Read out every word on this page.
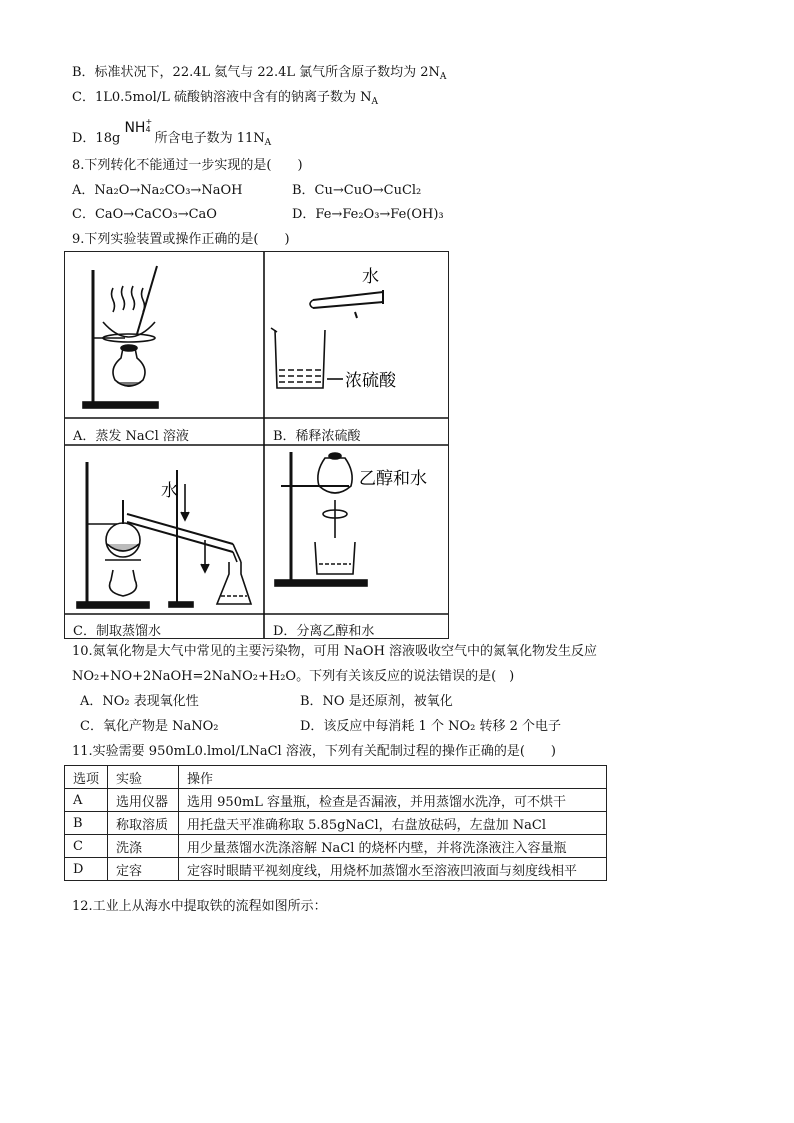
B．标准状况下，22.4L 氦气与 22.4L 氯气所含原子数均为 $2N_A$
C．1L0.5mol/L 硫酸钠溶液中含有的钠离子数为 $N_A$
D．18g NH +
4
所含电子数为 $11N_A$
8.下列转化不能通过一步实现的是(　　)
A．Na₂O→Na₂CO₃→NaOH	B．Cu→CuO→CuCl₂
C．CaO→CaCO₃→CaO	D．Fe→Fe₂O₃→Fe(OH)₃
9.下列实验装置或操作正确的是(　　)
水
浓硫酸
水
乙醇和水
A．蒸发 NaCl 溶液	B．稀释浓硫酸
C．制取蒸馏水	D．分离乙醇和水
10.氮氧化物是大气中常见的主要污染物，可用 NaOH 溶液吸收空气中的氮氧化物发生反应
NO₂+NO+2NaOH=2NaNO₂+H₂O。下列有关该反应的说法错误的是(　)
A．NO₂ 表现氧化性	B．NO 是还原剂，被氧化
C．氧化产物是 NaNO₂	D．该反应中每消耗 1 个 NO₂ 转移 2 个电子
11.实验需要 950mL0.lmol/LNaCl 溶液，下列有关配制过程的操作正确的是(　　)
选项	实验	操作
A	选用仪器	选用 950mL 容量瓶，检查是否漏液，并用蒸馏水洗净，可不烘干
B	称取溶质	用托盘天平准确称取 5.85gNaCl，右盘放砝码，左盘加 NaCl
C	洗涤	用少量蒸馏水洗涤溶解 NaCl 的烧杯内壁，并将洗涤液注入容量瓶
D	定容	定容时眼睛平视刻度线，用烧杯加蒸馏水至溶液凹液面与刻度线相平
12.工业上从海水中提取铁的流程如图所示：
